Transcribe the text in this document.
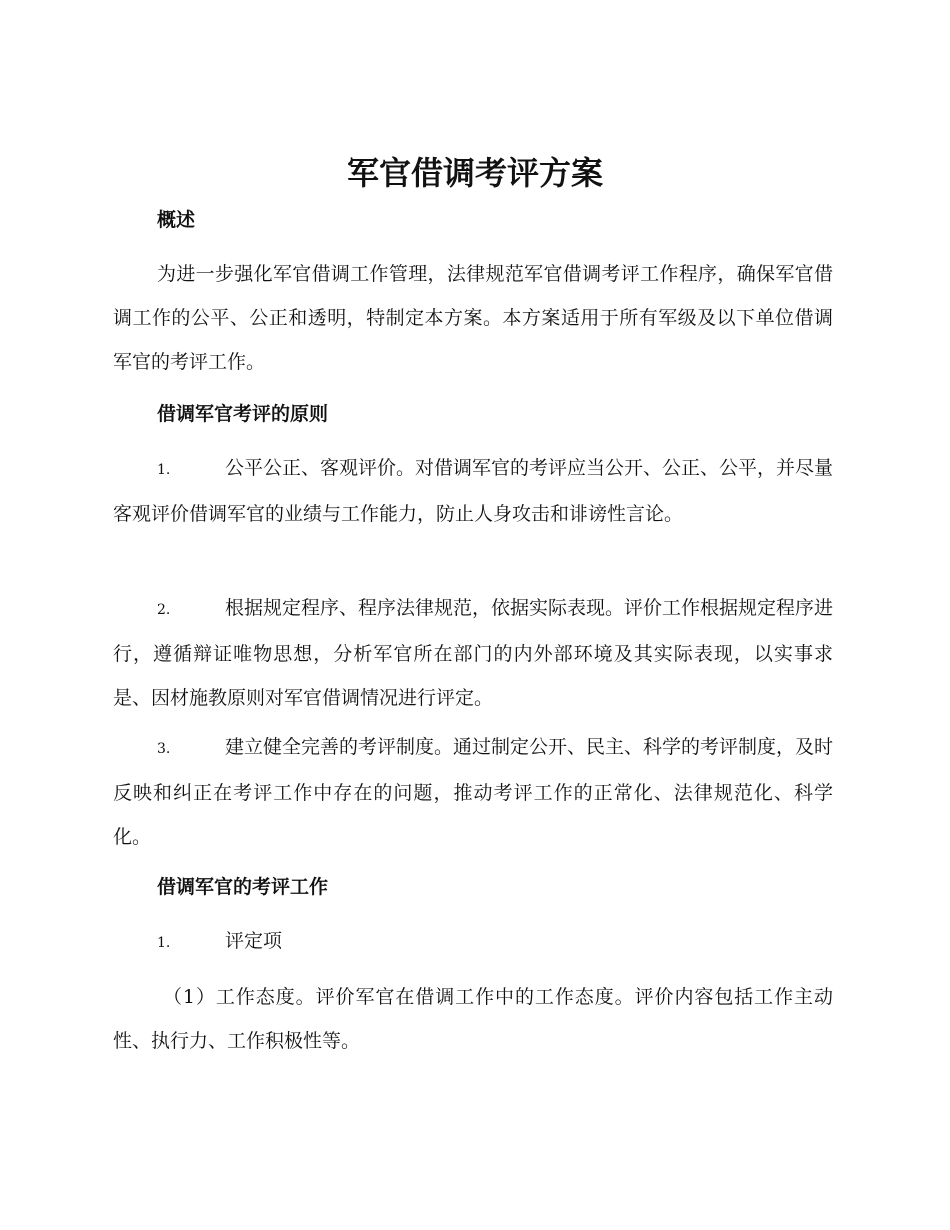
军官借调考评方案
概述

为进一步强化军官借调工作管理，法律规范军官借调考评工作程序，确保军官借调工作的公平、公正和透明，特制定本方案。本方案适用于所有军级及以下单位借调军官的考评工作。

借调军官考评的原则

1.	公平公正、客观评价。对借调军官的考评应当公开、公正、公平，并尽量客观评价借调军官的业绩与工作能力，防止人身攻击和诽谤性言论。

2.	根据规定程序、程序法律规范，依据实际表现。评价工作根据规定程序进行，遵循辩证唯物思想，分析军官所在部门的内外部环境及其实际表现，以实事求是、因材施教原则对军官借调情况进行评定。

3.	建立健全完善的考评制度。通过制定公开、民主、科学的考评制度，及时反映和纠正在考评工作中存在的问题，推动考评工作的正常化、法律规范化、科学化。

借调军官的考评工作

1.	评定项

（1）工作态度。评价军官在借调工作中的工作态度。评价内容包括工作主动性、执行力、工作积极性等。
